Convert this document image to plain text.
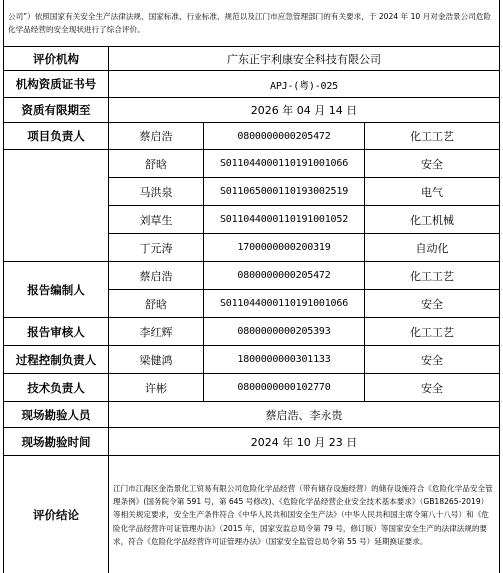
公司”）依照国家有关安全生产法律法规、国家标准、行业标准、规范以及江门市应急管理部门的有关要求，于 2024 年 10 月对金浩景公司危险化学品经营的安全现状进行了综合评价。			
评价机构	广东正宇利康安全科技有限公司		
机构资质证书号	APJ-(粤)-025		
资质有限期至	2026 年 04 月 14 日		
项目负责人	蔡启浩	0800000000205472	化工工艺
	舒晗	S011044000110191001066	安全
	马洪泉	S011065000110193002519	电气
	刘草生	S011044000110191001052	化工机械
	丁元涛	1700000000200319	自动化
报告编制人	蔡启浩	0800000000205472	化工工艺
	舒晗	S011044000110191001066	安全
报告审核人	李红辉	0800000000205393	化工工艺
过程控制负责人	梁健鸿	1800000000301133	安全
技术负责人	许彬	0800000000102770	安全
现场勘验人员	蔡启浩、李永贵		
现场勘验时间	2024 年 10 月 23 日		
评价结论	江门市江海区金浩景化工贸易有限公司危险化学品经营（带有储存设施经营）的储存设施符合《危险化学品安全管理条例》(国务院令第 591 号，第 645 号修改)、《危险化学品经营企业安全技术基本要求》（GB18265-2019）等相关规定要求，安全生产条件符合《中华人民共和国安全生产法》（中华人民共和国主席令第八十八号）和《危险化学品经营许可证管理办法》（2015 年，国家安监总局令第 79 号，修订版）等国家安全生产的法律法规的要求，符合《危险化学品经营许可证管理办法》（国家安全监管总局令第 55 号）延期换证要求。		
